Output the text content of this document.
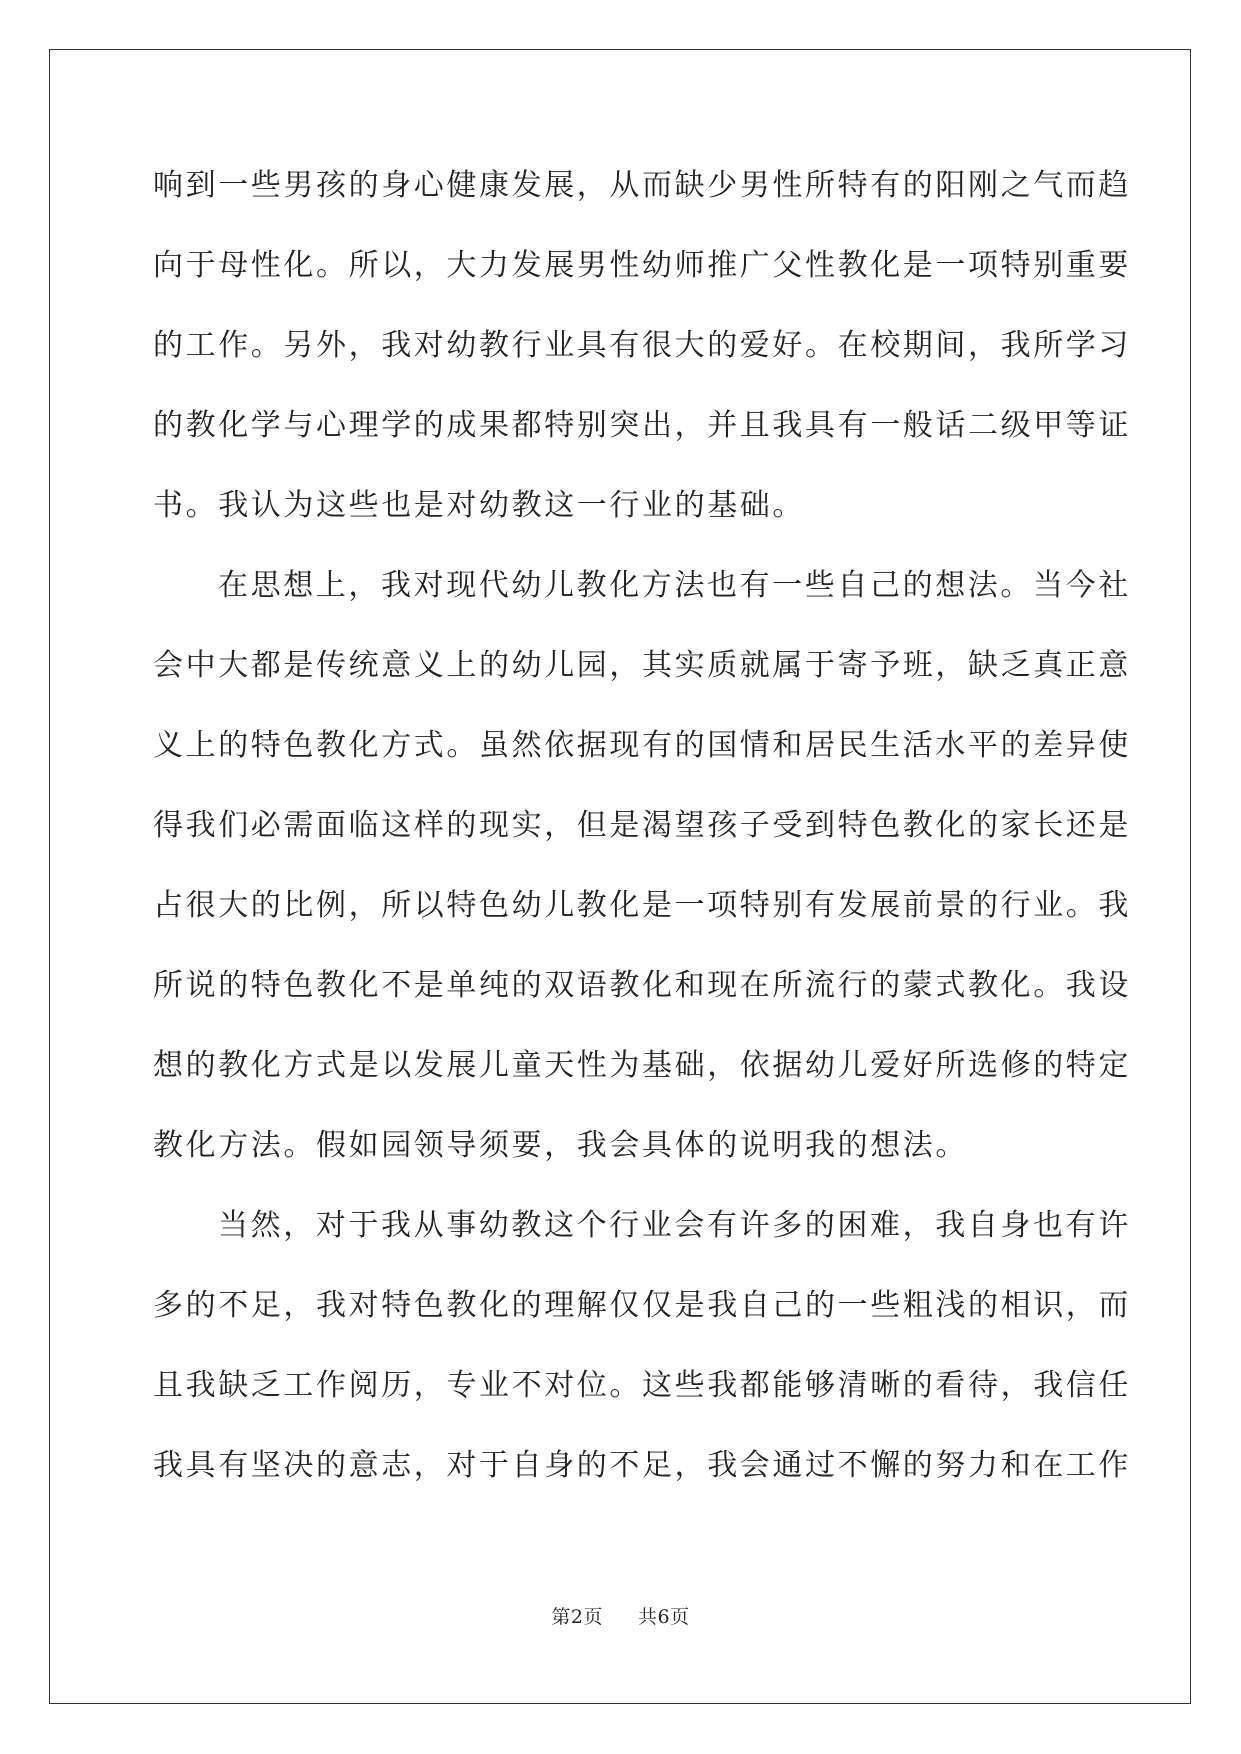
响到一些男孩的身心健康发展，从而缺少男性所特有的阳刚之气而趋
向于母性化。所以，大力发展男性幼师推广父性教化是一项特别重要
的工作。另外，我对幼教行业具有很大的爱好。在校期间，我所学习
的教化学与心理学的成果都特别突出，并且我具有一般话二级甲等证
书。我认为这些也是对幼教这一行业的基础。
在思想上，我对现代幼儿教化方法也有一些自己的想法。当今社
会中大都是传统意义上的幼儿园，其实质就属于寄予班，缺乏真正意
义上的特色教化方式。虽然依据现有的国情和居民生活水平的差异使
得我们必需面临这样的现实，但是渴望孩子受到特色教化的家长还是
占很大的比例，所以特色幼儿教化是一项特别有发展前景的行业。我
所说的特色教化不是单纯的双语教化和现在所流行的蒙式教化。我设
想的教化方式是以发展儿童天性为基础，依据幼儿爱好所选修的特定
教化方法。假如园领导须要，我会具体的说明我的想法。
当然，对于我从事幼教这个行业会有许多的困难，我自身也有许
多的不足，我对特色教化的理解仅仅是我自己的一些粗浅的相识，而
且我缺乏工作阅历，专业不对位。这些我都能够清晰的看待，我信任
我具有坚决的意志，对于自身的不足，我会通过不懈的努力和在工作
第2页 共6页
